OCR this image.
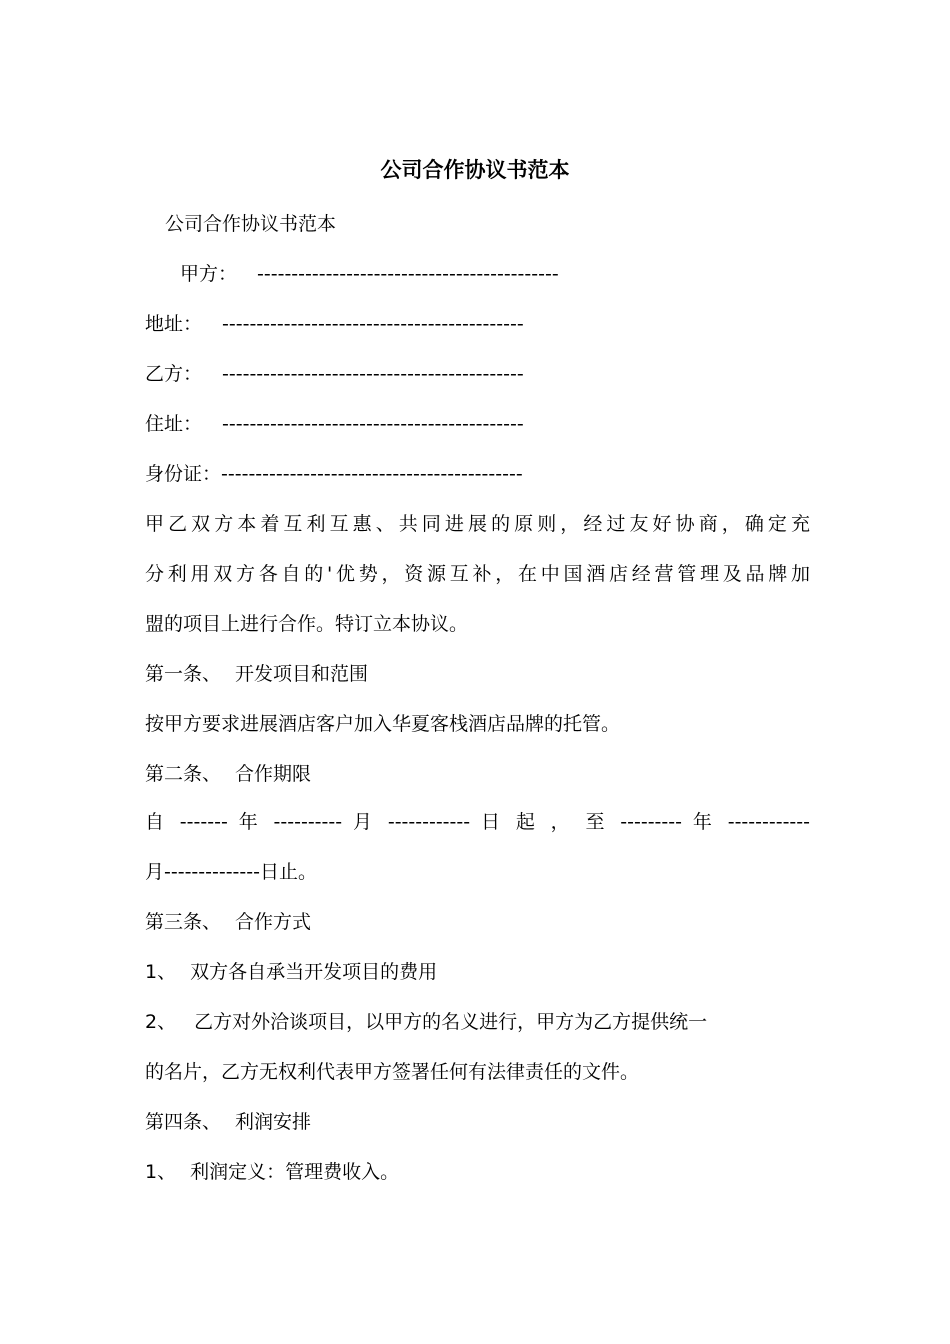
公司合作协议书范本
公司合作协议书范本
甲方： --------------------------------------------
地址： --------------------------------------------
乙方： --------------------------------------------
住址： --------------------------------------------
身份证：--------------------------------------------
甲乙双方本着互利互惠、共同进展的原则，经过友好协商，确定充
分利用双方各自的'优势，资源互补，在中国酒店经营管理及品牌加
盟的项目上进行合作。特订立本协议。
第一条、 开发项目和范围
按甲方要求进展酒店客户加入华夏客栈酒店品牌的托管。
第二条、 合作期限
自 ------- 年 ---------- 月 ------------ 日 起 ， 至 --------- 年 ------------
月--------------日止。
第三条、 合作方式
1、 双方各自承当开发项目的费用
2、 乙方对外洽谈项目，以甲方的名义进行，甲方为乙方提供统一
的名片，乙方无权利代表甲方签署任何有法律责任的文件。
第四条、 利润安排
1、 利润定义：管理费收入。
